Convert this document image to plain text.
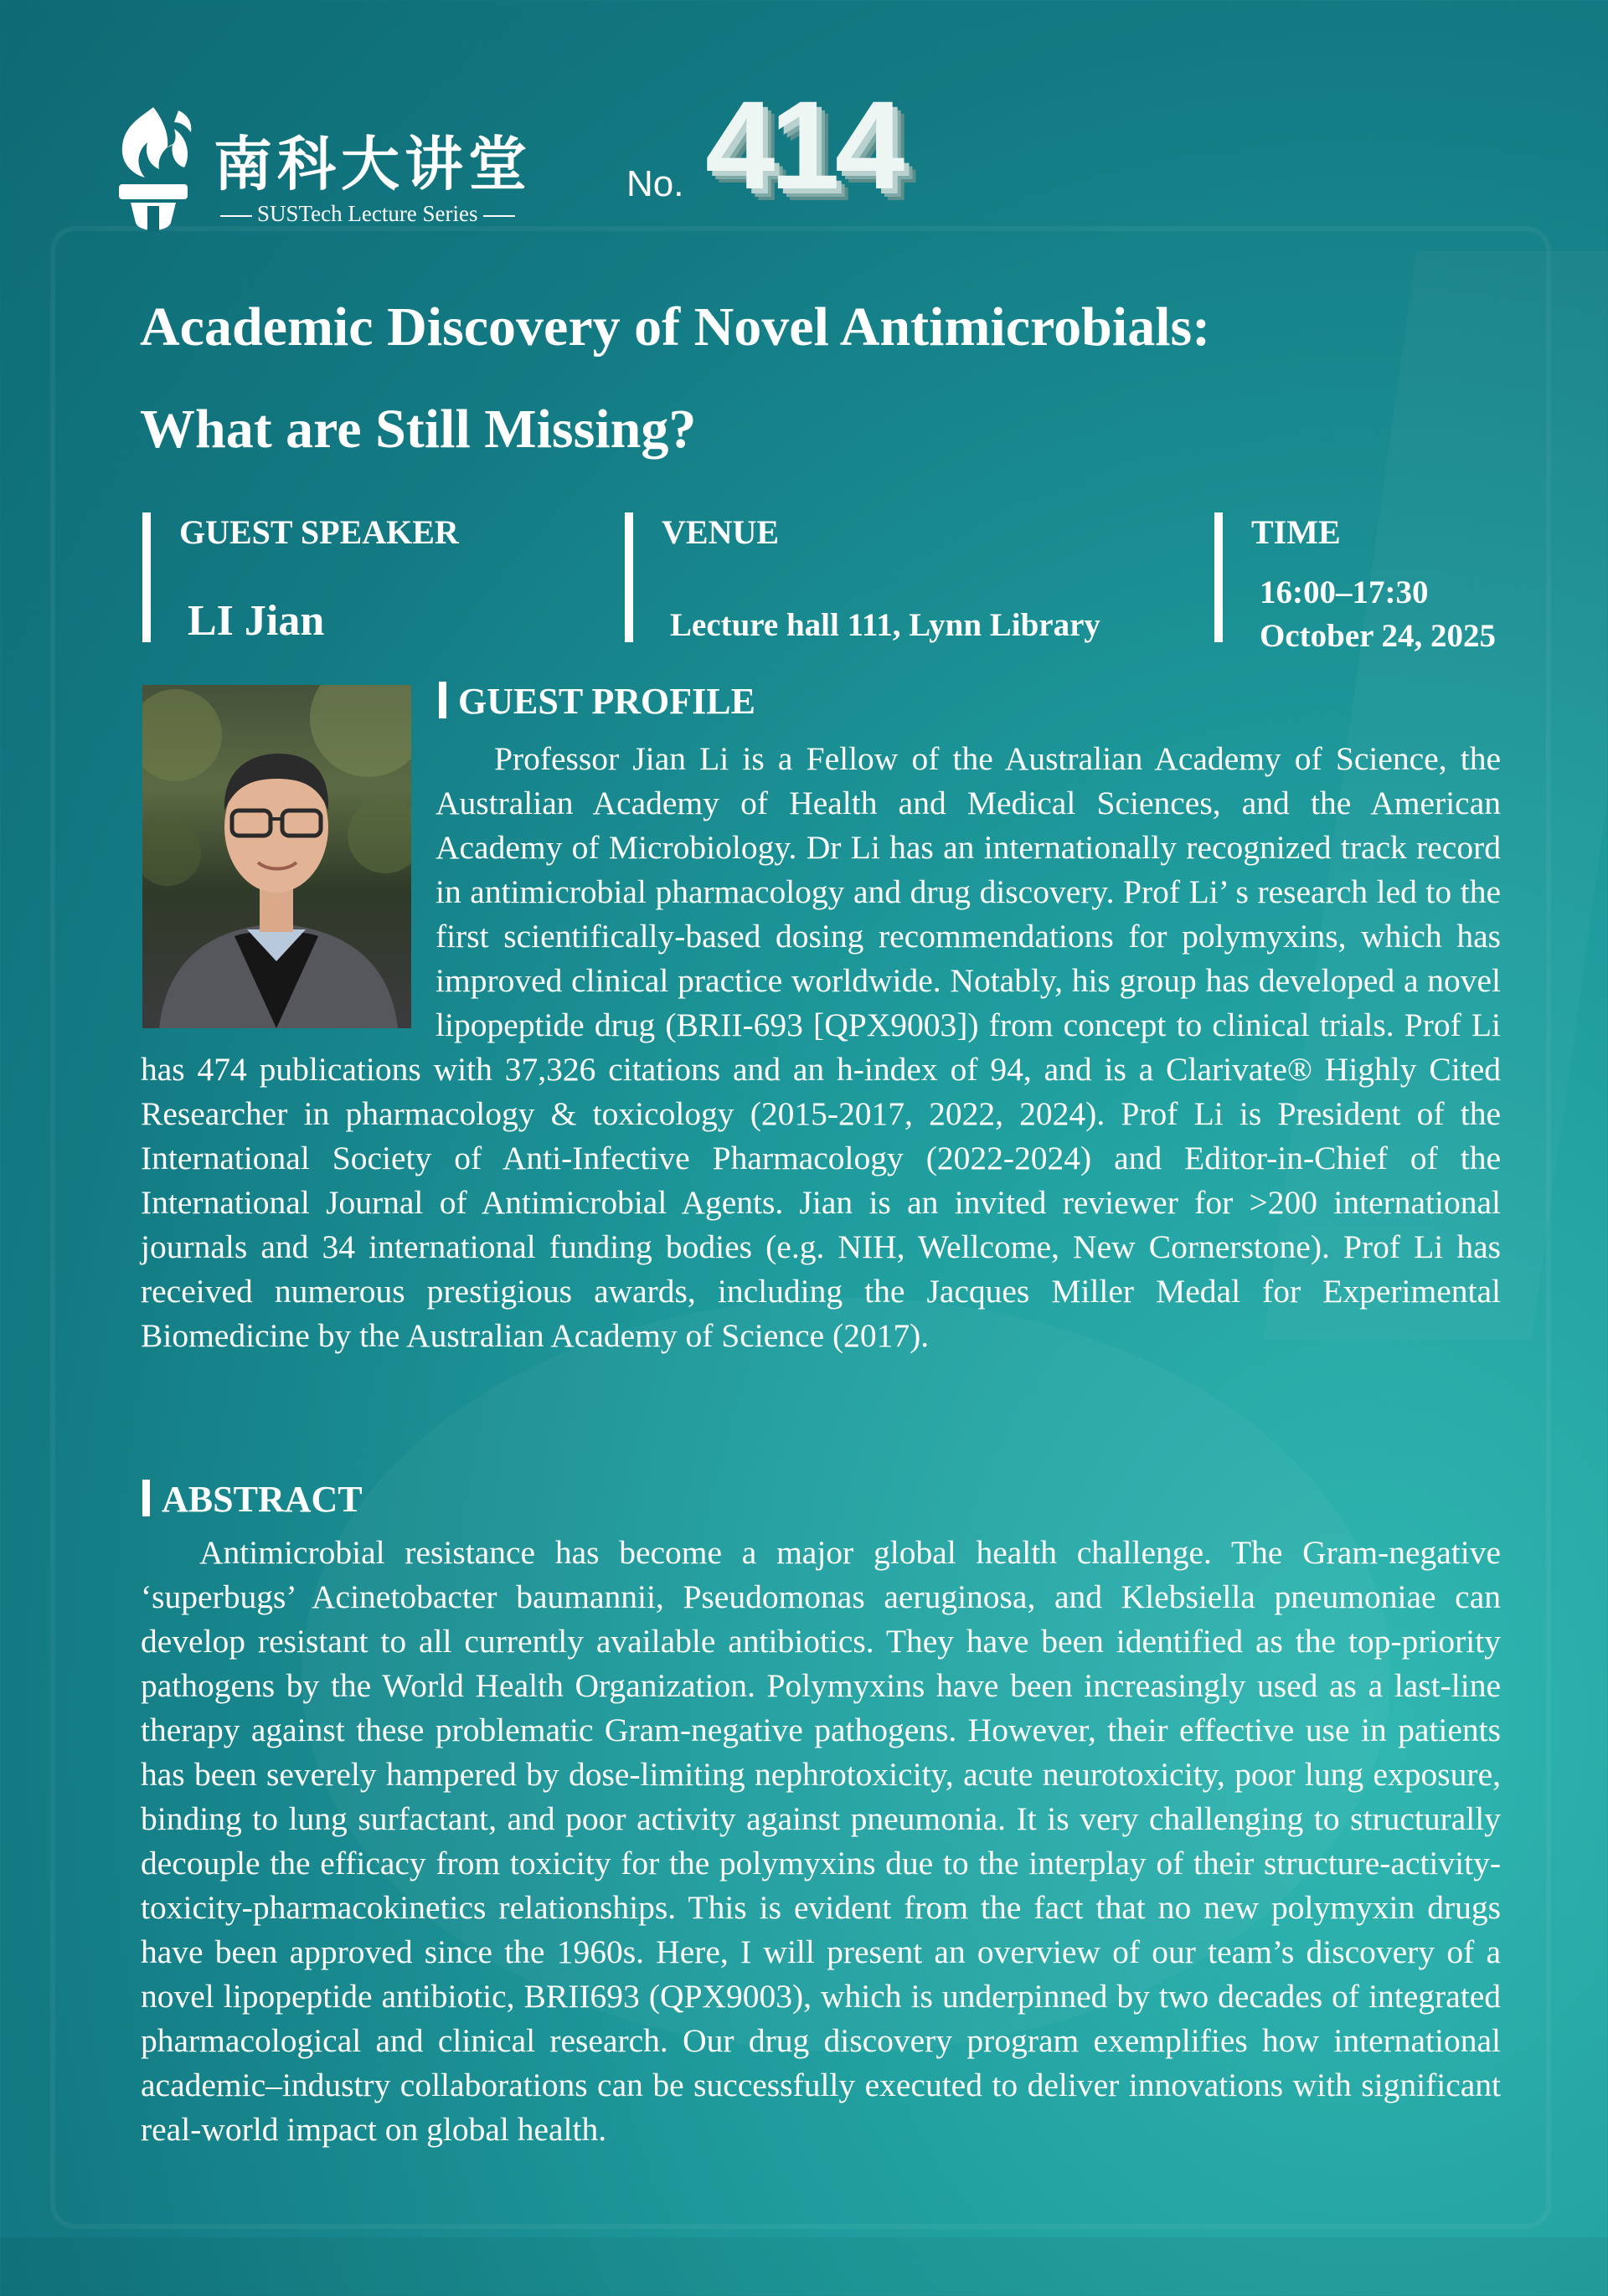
南科大讲堂
SUSTech Lecture Series
No. 414
Academic Discovery of Novel Antimicrobials:
What are Still Missing?
GUEST SPEAKER
LI Jian
VENUE
Lecture hall 111, Lynn Library
TIME
16:00–17:30
October 24, 2025
GUEST PROFILE

Professor Jian Li is a Fellow of the Australian Academy of Science, the Australian Academy of Health and Medical Sciences, and the American Academy of Microbiology. Dr Li has an internationally recognized track record in antimicrobial pharmacology and drug discovery. Prof Li’ s research led to the first scientifically-based dosing recommendations for polymyxins, which has improved clinical practice worldwide. Notably, his group has developed a novel lipopeptide drug (BRII-693 [QPX9003]) from concept to clinical trials. Prof Li has 474 publications with 37,326 citations and an h-index of 94, and is a Clarivate® Highly Cited Researcher in pharmacology & toxicology (2015-2017, 2022, 2024). Prof Li is President of the International Society of Anti-Infective Pharmacology (2022-2024) and Editor-in-Chief of the International Journal of Antimicrobial Agents. Jian is an invited reviewer for >200 international journals and 34 international funding bodies (e.g. NIH, Wellcome, New Cornerstone). Prof Li has received numerous prestigious awards, including the Jacques Miller Medal for Experimental Biomedicine by the Australian Academy of Science (2017).

ABSTRACT

Antimicrobial resistance has become a major global health challenge. The Gram-negative ‘superbugs’ Acinetobacter baumannii, Pseudomonas aeruginosa, and Klebsiella pneumoniae can develop resistant to all currently available antibiotics. They have been identified as the top-priority pathogens by the World Health Organization. Polymyxins have been increasingly used as a last-line therapy against these problematic Gram-negative pathogens. However, their effective use in patients has been severely hampered by dose-limiting nephrotoxicity, acute neurotoxicity, poor lung exposure, binding to lung surfactant, and poor activity against pneumonia. It is very challenging to structurally decouple the efficacy from toxicity for the polymyxins due to the interplay of their structure-activity-toxicity-pharmacokinetics relationships. This is evident from the fact that no new polymyxin drugs have been approved since the 1960s. Here, I will present an overview of our team’s discovery of a novel lipopeptide antibiotic, BRII693 (QPX9003), which is underpinned by two decades of integrated pharmacological and clinical research. Our drug discovery program exemplifies how international academic–industry collaborations can be successfully executed to deliver innovations with significant real-world impact on global health.
